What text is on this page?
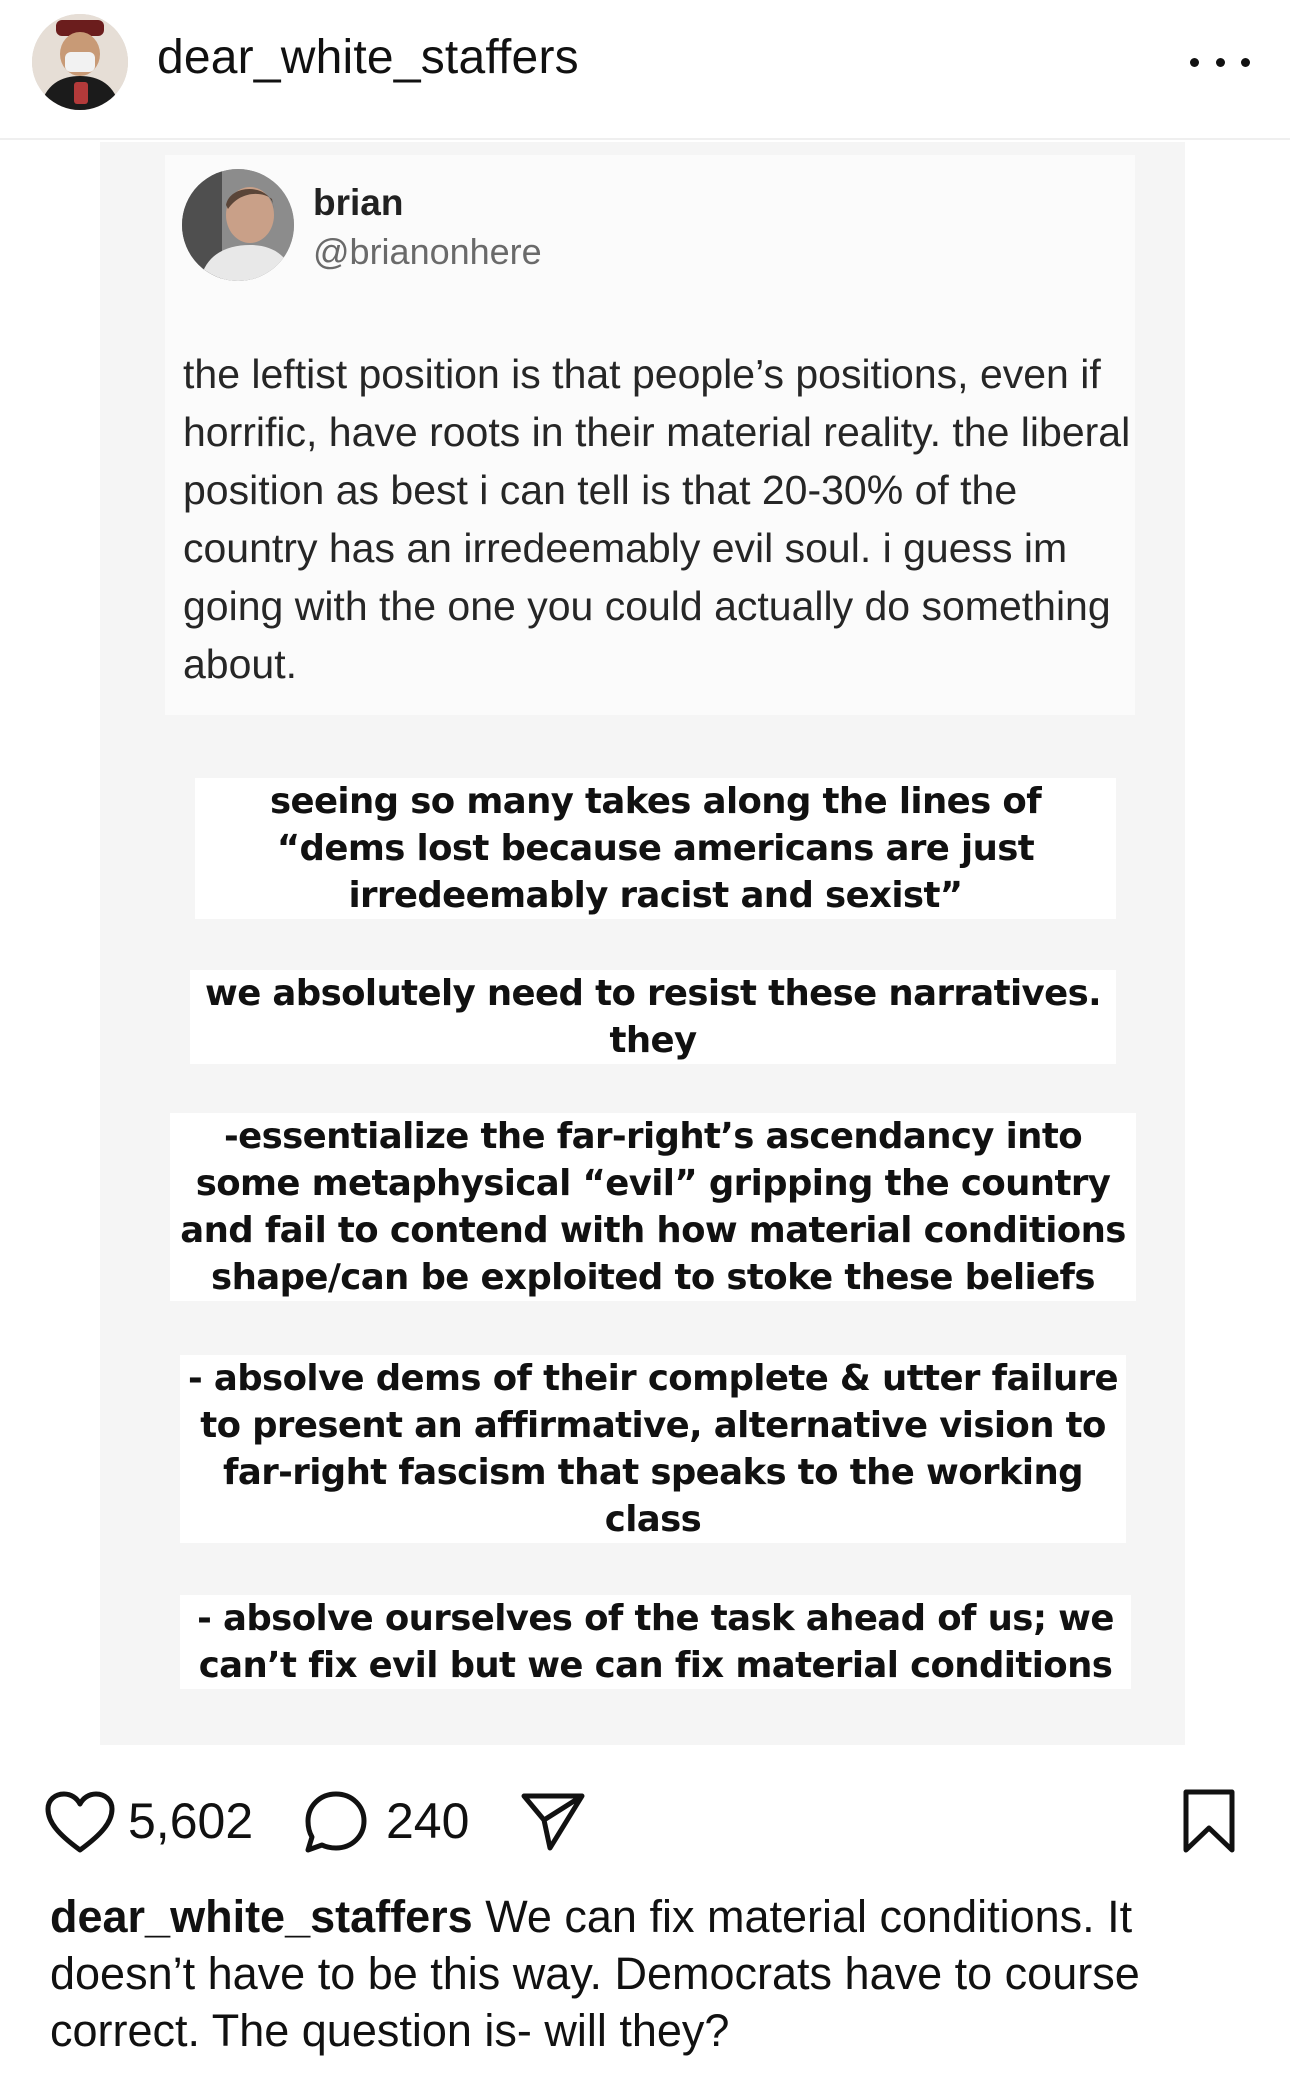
dear_white_staffers
brian
@brianonhere
the leftist position is that people’s positions, even if horrific, have roots in their material reality. the liberal position as best i can tell is that 20-30% of the country has an irredeemably evil soul. i guess im going with the one you could actually do something about.
seeing so many takes along the lines of “dems lost because americans are just irredeemably racist and sexist”
we absolutely need to resist these narratives. they
-essentialize the far-right’s ascendancy into some metaphysical “evil” gripping the country and fail to contend with how material conditions shape/can be exploited to stoke these beliefs
- absolve dems of their complete & utter failure to present an affirmative, alternative vision to far-right fascism that speaks to the working class
- absolve ourselves of the task ahead of us; we can’t fix evil but we can fix material conditions
5,602	240
dear_white_staffers We can fix material conditions. It doesn’t have to be this way. Democrats have to course correct. The question is- will they?
